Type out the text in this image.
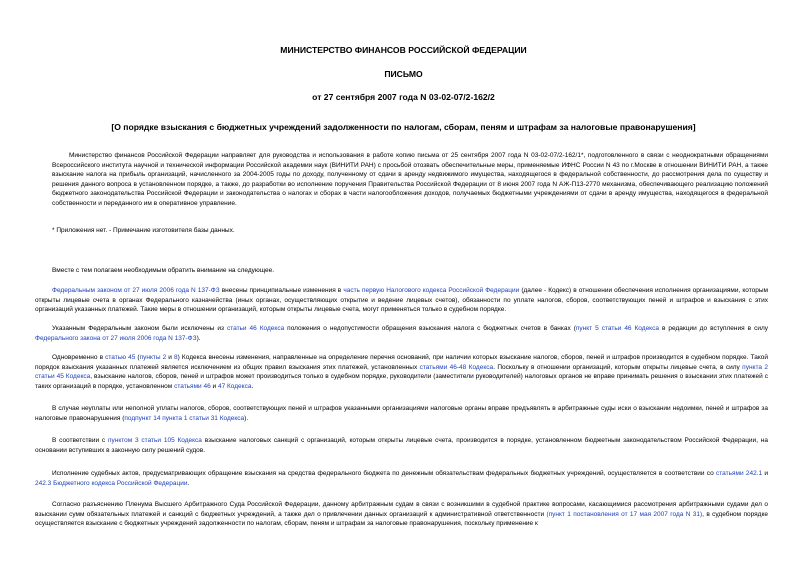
МИНИСТЕРСТВО ФИНАНСОВ РОССИЙСКОЙ ФЕДЕРАЦИИ
ПИСЬМО
от 27 сентября 2007 года N 03-02-07/2-162/2
[О порядке взыскания с бюджетных учреждений задолженности по налогам, сборам, пеням и штрафам за налоговые правонарушения]

Министерство финансов Российской Федерации направляет для руководства и использования в работе копию письма от 25 сентября 2007 года N 03-02-07/2-162/1*, подготовленного в связи с неоднократными обращениями Всероссийского института научной и технической информации Российской академии наук (ВИНИТИ РАН) с просьбой отозвать обеспечительные меры, применяемые ИФНС России N 43 по г.Москве в отношении ВИНИТИ РАН, а также взыскание налога на прибыль организаций, начисленного за 2004-2005 годы по доходу, полученному от сдачи в аренду недвижимого имущества, находящегося в федеральной собственности, до рассмотрения дела по существу и решения данного вопроса в установленном порядке, а также, до разработки во исполнение поручения Правительства Российской Федерации от 8 июня 2007 года N АЖ-П13-2770 механизма, обеспечивающего реализацию положений бюджетного законодательства Российской Федерации и законодательства о налогах и сборах в части налогообложения доходов, получаемых бюджетными учреждениями от сдачи в аренду имущества, находящегося в федеральной собственности и переданного им в оперативное управление.

* Приложения нет. - Примечание изготовителя базы данных.

Вместе с тем полагаем необходимым обратить внимание на следующее.

Федеральным законом от 27 июля 2006 года N 137-ФЗ внесены принципиальные изменения в часть первую Налогового кодекса Российской Федерации (далее - Кодекс) в отношении обеспечения исполнения организациями, которым открыты лицевые счета в органах Федерального казначейства (иных органах, осуществляющих открытие и ведение лицевых счетов), обязанности по уплате налогов, сборов, соответствующих пеней и штрафов и взыскания с этих организаций указанных платежей. Такие меры в отношении организаций, которым открыты лицевые счета, могут применяться только в судебном порядке.

Указанным Федеральным законом были исключены из статьи 46 Кодекса положения о недопустимости обращения взыскания налога с бюджетных счетов в банках (пункт 5 статьи 46 Кодекса в редакции до вступления в силу Федерального закона от 27 июля 2006 года N 137-ФЗ).

Одновременно в статью 45 (пункты 2 и 8) Кодекса внесены изменения, направленные на определение перечня оснований, при наличии которых взыскание налогов, сборов, пеней и штрафов производится в судебном порядке. Такой порядок взыскания указанных платежей является исключением из общих правил взыскания этих платежей, установленных статьями 46-48 Кодекса. Поскольку в отношении организаций, которым открыты лицевые счета, в силу пункта 2 статьи 45 Кодекса, взыскание налогов, сборов, пеней и штрафов может производиться только в судебном порядке, руководители (заместители руководителей) налоговых органов не вправе принимать решения о взыскании этих платежей с таких организаций в порядке, установленном статьями 46 и 47 Кодекса.

В случае неуплаты или неполной уплаты налогов, сборов, соответствующих пеней и штрафов указанными организациями налоговые органы вправе предъявлять в арбитражные суды иски о взыскании недоимки, пеней и штрафов за налоговые правонарушения (подпункт 14 пункта 1 статьи 31 Кодекса).

В соответствии с пунктом 3 статьи 105 Кодекса взыскание налоговых санкций с организаций, которым открыты лицевые счета, производится в порядке, установленном бюджетным законодательством Российской Федерации, на основании вступивших в законную силу решений судов.

Исполнение судебных актов, предусматривающих обращение взыскания на средства федерального бюджета по денежным обязательствам федеральных бюджетных учреждений, осуществляется в соответствии со статьями 242.1 и 242.3 Бюджетного кодекса Российской Федерации.

Согласно разъяснению Пленума Высшего Арбитражного Суда Российской Федерации, данному арбитражным судам в связи с возникшими в судебной практике вопросами, касающимися рассмотрения арбитражными судами дел о взыскании сумм обязательных платежей и санкций с бюджетных учреждений, а также дел о привлечении данных организаций к административной ответственности (пункт 1 постановления от 17 мая 2007 года N 31), в судебном порядке осуществляется взыскание с бюджетных учреждений задолженности по налогам, сборам, пеням и штрафам за налоговые правонарушения, поскольку применение к
